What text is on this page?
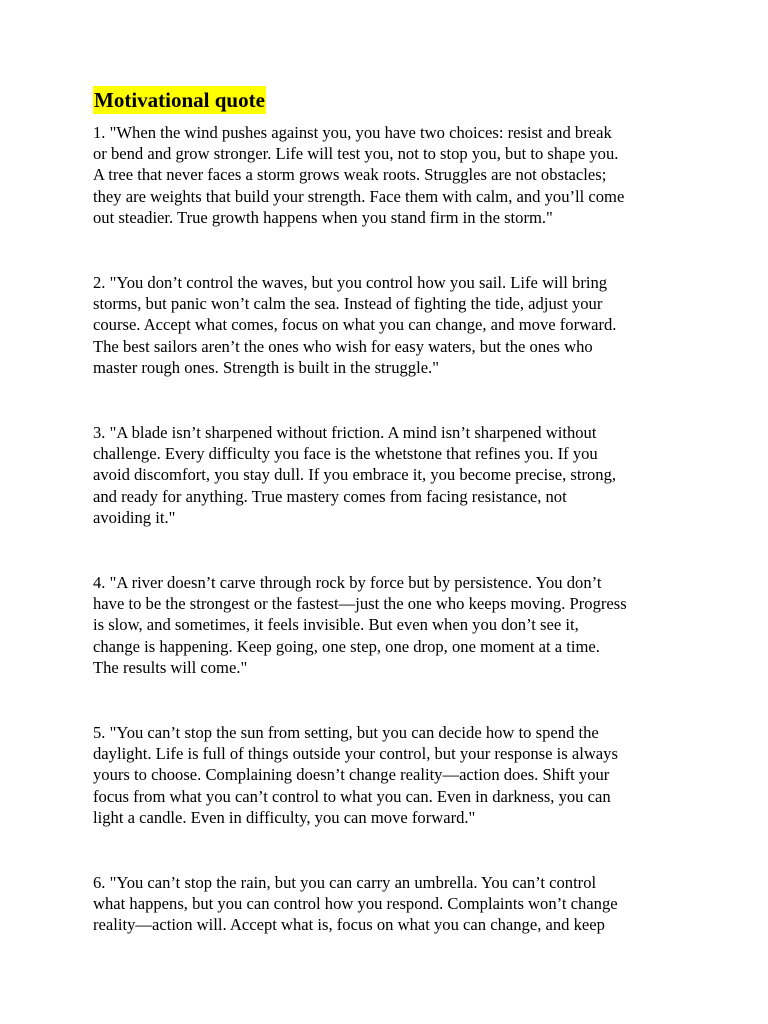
Motivational quote

1. "When the wind pushes against you, you have two choices: resist and break
or bend and grow stronger. Life will test you, not to stop you, but to shape you.
A tree that never faces a storm grows weak roots. Struggles are not obstacles;
they are weights that build your strength. Face them with calm, and you’ll come
out steadier. True growth happens when you stand firm in the storm."

2. "You don’t control the waves, but you control how you sail. Life will bring
storms, but panic won’t calm the sea. Instead of fighting the tide, adjust your
course. Accept what comes, focus on what you can change, and move forward.
The best sailors aren’t the ones who wish for easy waters, but the ones who
master rough ones. Strength is built in the struggle."

3. "A blade isn’t sharpened without friction. A mind isn’t sharpened without
challenge. Every difficulty you face is the whetstone that refines you. If you
avoid discomfort, you stay dull. If you embrace it, you become precise, strong,
and ready for anything. True mastery comes from facing resistance, not
avoiding it."

4. "A river doesn’t carve through rock by force but by persistence. You don’t
have to be the strongest or the fastest—just the one who keeps moving. Progress
is slow, and sometimes, it feels invisible. But even when you don’t see it,
change is happening. Keep going, one step, one drop, one moment at a time.
The results will come."

5. "You can’t stop the sun from setting, but you can decide how to spend the
daylight. Life is full of things outside your control, but your response is always
yours to choose. Complaining doesn’t change reality—action does. Shift your
focus from what you can’t control to what you can. Even in darkness, you can
light a candle. Even in difficulty, you can move forward."

6. "You can’t stop the rain, but you can carry an umbrella. You can’t control
what happens, but you can control how you respond. Complaints won’t change
reality—action will. Accept what is, focus on what you can change, and keep
